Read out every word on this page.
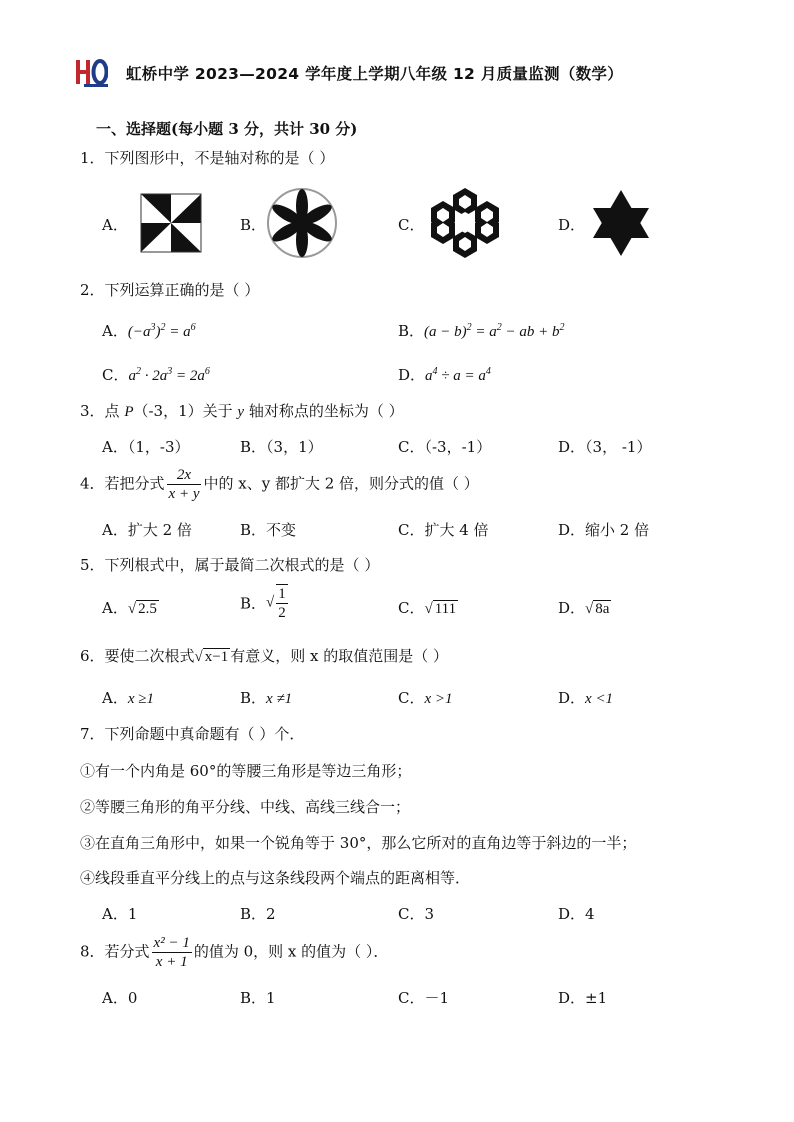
虹桥中学 2023—2024 学年度上学期八年级 12 月质量监测（数学）
一、选择题(每小题 3 分，共计 30 分)
1．下列图形中，不是轴对称的是（ ）
A．	B．	C．	D．
2．下列运算正确的是（ ）
A．$(-a^3)^2 = a^6$	B．$(a - b)^2 = a^2$ − ab + $b^2$
C．$a^2 \cdot 2a^3 = 2a^6$	D．$a^4 \div a = a^4$
3．点 P（-3，1）关于 y 轴对称点的坐标为（ ）
A．（1，-3）	B．（3，1）	C．（-3，-1）	D．（3， -1）
4．若把分式 $\frac{2x}{x + y}$ 中的 x、y 都扩大 2 倍，则分式的值（ ）
A．扩大 2 倍	B．不变	C．扩大 4 倍	D．缩小 2 倍
5．下列根式中，属于最简二次根式的是（ ）
A．√ 2.5	B．√ $\frac{1}{2}$	C．√ 111	D．√ 8a
6．要使二次根式√ x−1 有意义，则 x 的取值范围是（ ）
A．x ≥1	B．x ≠1	C．x >1	D．x <1
7．下列命题中真命题有（ ）个．
①有一个内角是 60°的等腰三角形是等边三角形；
②等腰三角形的角平分线、中线、高线三线合一；
③在直角三角形中，如果一个锐角等于 30°，那么它所对的直角边等于斜边的一半；
④线段垂直平分线上的点与这条线段两个端点的距离相等．
A．1	B．2	C．3	D．4
8．若分式 $\frac{\text{x² − 1}}{x + 1}$ 的值为 0，则 x 的值为（ ）．
A．0	B．1	C．－1	D．±1
